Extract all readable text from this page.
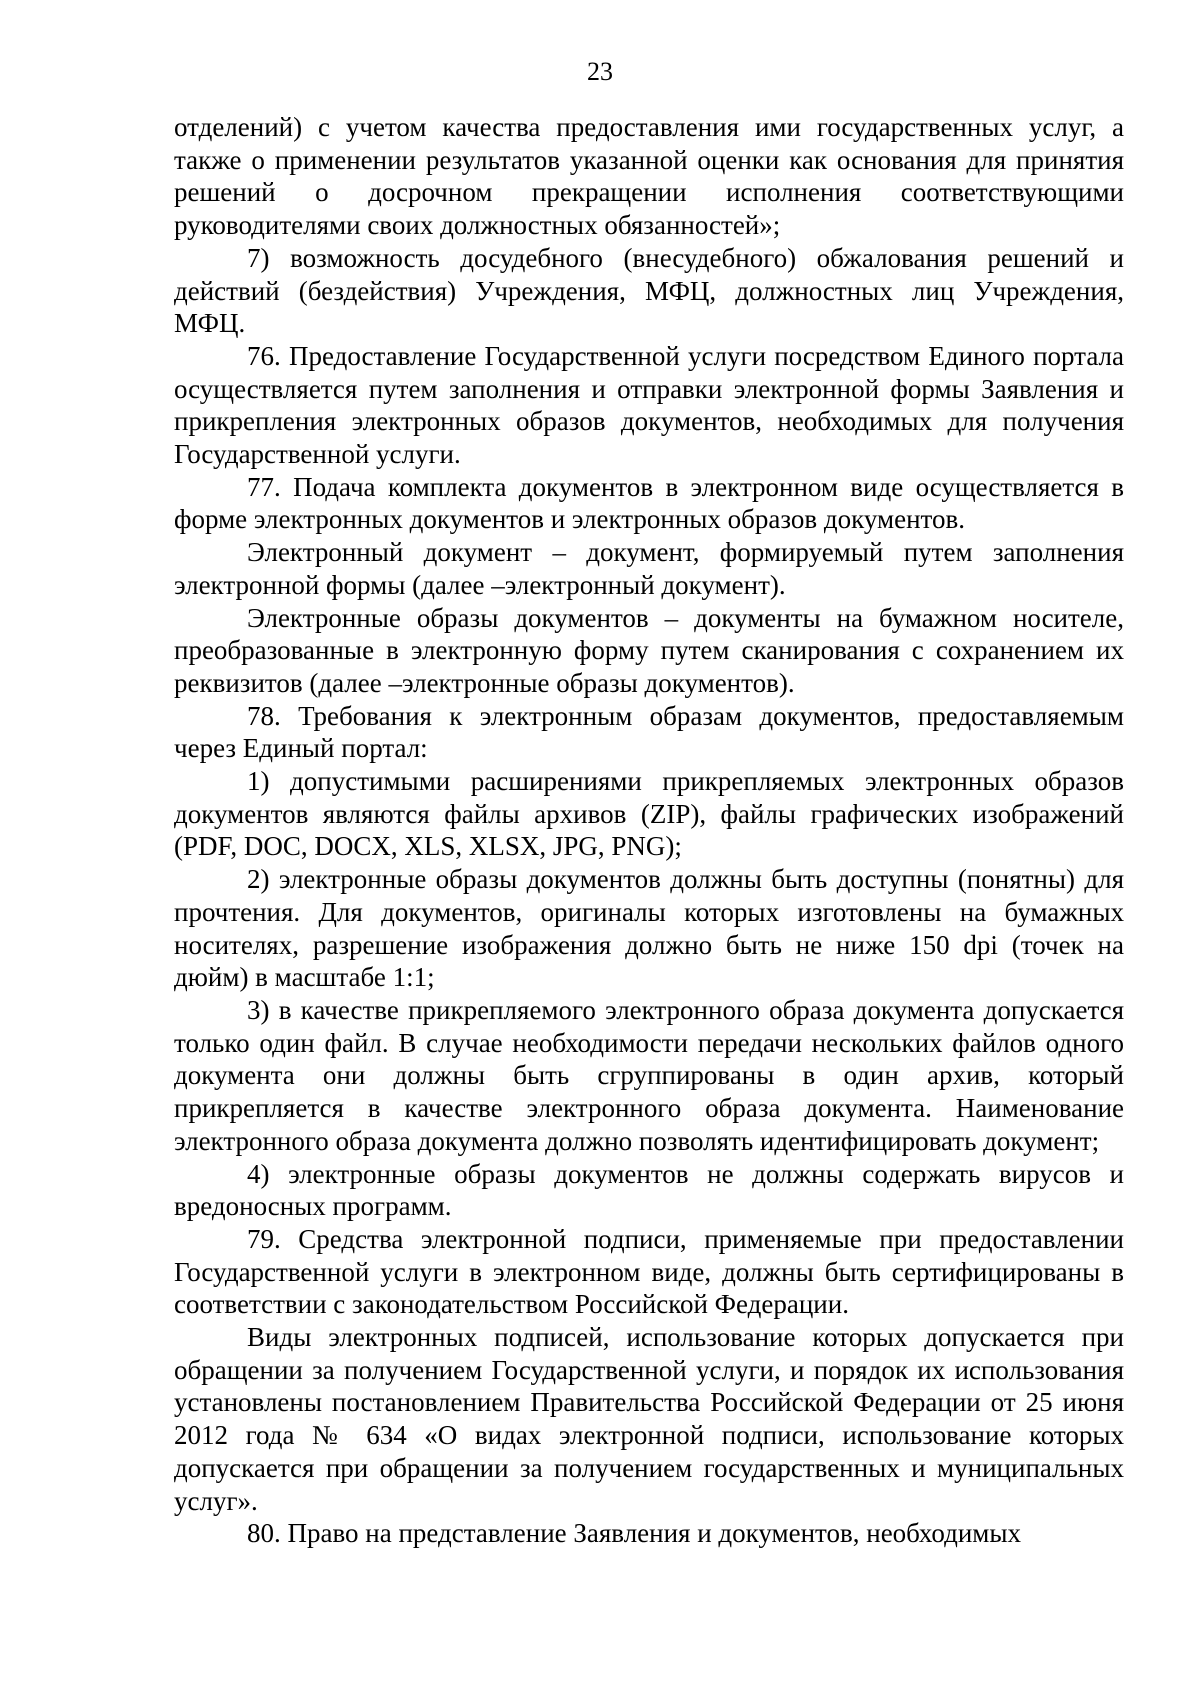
23

отделений) с учетом качества предоставления ими государственных услуг, а также о применении результатов указанной оценки как основания для принятия решений о досрочном прекращении исполнения соответствующими руководителями своих должностных обязанностей»;

7) возможность досудебного (внесудебного) обжалования решений и действий (бездействия) Учреждения, МФЦ, должностных лиц Учреждения, МФЦ.

76. Предоставление Государственной услуги посредством Единого портала осуществляется путем заполнения и отправки электронной формы Заявления и прикрепления электронных образов документов, необходимых для получения Государственной услуги.

77. Подача комплекта документов в электронном виде осуществляется в форме электронных документов и электронных образов документов.

Электронный документ – документ, формируемый путем заполнения электронной формы (далее –электронный документ).

Электронные образы документов – документы на бумажном носителе, преобразованные в электронную форму путем сканирования с сохранением их реквизитов (далее –электронные образы документов).

78. Требования к электронным образам документов, предоставляемым через Единый портал:

1) допустимыми расширениями прикрепляемых электронных образов документов являются файлы архивов (ZIP), файлы графических изображений (PDF, DOC, DOCX, XLS, XLSX, JPG, PNG);

2) электронные образы документов должны быть доступны (понятны) для прочтения. Для документов, оригиналы которых изготовлены на бумажных носителях, разрешение изображения должно быть не ниже 150 dpi (точек на дюйм) в масштабе 1:1;

3) в качестве прикрепляемого электронного образа документа допускается только один файл. В случае необходимости передачи нескольких файлов одного документа они должны быть сгруппированы в один архив, который прикрепляется в качестве электронного образа документа. Наименование электронного образа документа должно позволять идентифицировать документ;

4) электронные образы документов не должны содержать вирусов и вредоносных программ.

79. Средства электронной подписи, применяемые при предоставлении Государственной услуги в электронном виде, должны быть сертифицированы в соответствии с законодательством Российской Федерации.

Виды электронных подписей, использование которых допускается при обращении за получением Государственной услуги, и порядок их использования установлены постановлением Правительства Российской Федерации от 25 июня 2012 года № 634 «О видах электронной подписи, использование которых допускается при обращении за получением государственных и муниципальных услуг».

80. Право на представление Заявления и документов, необходимых
